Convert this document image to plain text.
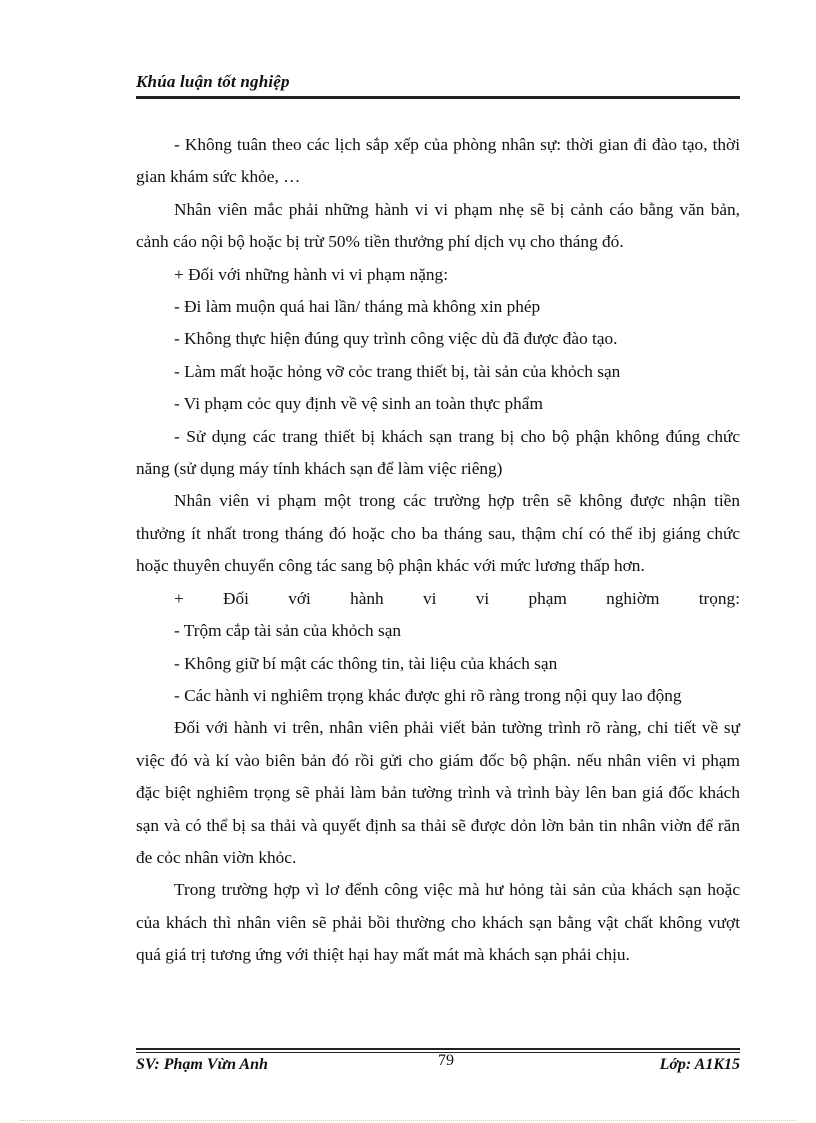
Khúa luận tốt nghiệp

- Không tuân theo các lịch sắp xếp của phòng nhân sự: thời gian đi đào tạo, thời gian khám sức khỏe, …

Nhân viên mắc phải những hành vi vi phạm nhẹ sẽ bị cảnh cáo bằng văn bản, cảnh cáo nội bộ hoặc bị trừ 50% tiền thưởng phí dịch vụ cho tháng đó.

+ Đối với những hành vi vi phạm nặng:

- Đi làm muộn quá hai lần/ tháng mà không xin phép

- Không thực hiện đúng quy trình công việc dù đã được đào tạo.

- Làm mất hoặc hỏng vỡ cỏc trang thiết bị, tài sản của khỏch sạn

- Vi phạm cỏc quy định về vệ sinh an toàn thực phẩm

- Sử dụng các trang thiết bị khách sạn trang bị cho bộ phận không đúng chức năng (sử dụng máy tính khách sạn để làm việc riêng)

Nhân viên vi phạm một trong các trường hợp trên sẽ không được nhận tiền thưởng ít nhất trong tháng đó hoặc cho ba tháng sau, thậm chí có thể ibj giáng chức hoặc thuyên chuyển công tác sang bộ phận khác với mức lương thấp hơn.

+ Đối với hành vi vi phạm nghiờm trọng:

- Trộm cắp tài sản của khỏch sạn

- Không giữ bí mật các thông tin, tài liệu của khách sạn

- Các hành vi nghiêm trọng khác được ghi rõ ràng trong nội quy lao động

Đối với hành vi trên, nhân viên phải viết bản tường trình rõ ràng, chi tiết về sự việc đó và kí vào biên bản đó rồi gửi cho giám đốc bộ phận. nếu nhân viên vi phạm đặc biệt nghiêm trọng sẽ phải làm bản tường trình và trình bày lên ban giá đốc khách sạn và có thể bị sa thải và quyết định sa thải sẽ được dỏn lờn bản tin nhân viờn để răn đe cỏc nhân viờn khỏc.

Trong trường hợp vì lơ đểnh công việc mà hư hỏng tài sản của khách sạn hoặc của khách thì nhân viên sẽ phải bồi thường cho khách sạn bằng vật chất không vượt quá giá trị tương ứng với thiệt hại hay mất mát mà khách sạn phải chịu.

SV: Phạm Vừn Anh	79	Lớp: A1K15
